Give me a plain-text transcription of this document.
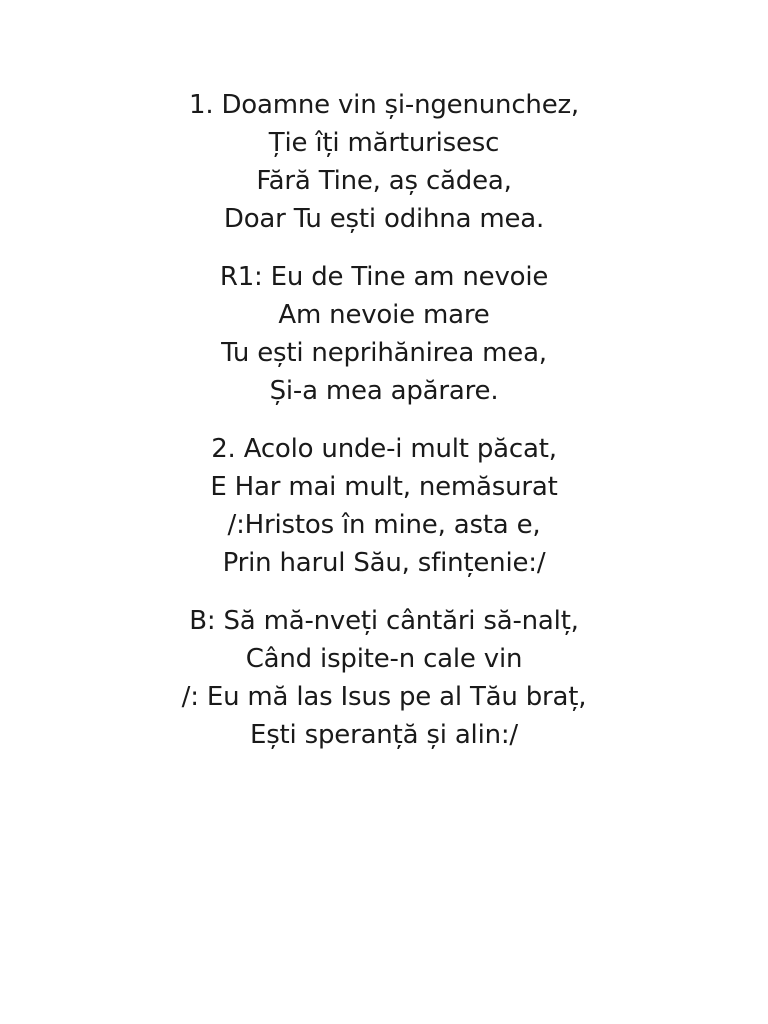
1. Doamne vin și-ngenunchez,
Ție îți mărturisesc
Fără Tine, aș cădea,
Doar Tu ești odihna mea.
R1: Eu de Tine am nevoie
Am nevoie mare
Tu ești neprihănirea mea,
Și-a mea apărare.
2. Acolo unde-i mult păcat,
E Har mai mult, nemăsurat
/:Hristos în mine, asta e,
Prin harul Său, sfințenie:/
B: Să mă-nveți cântări să-nalț,
Când ispite-n cale vin
/: Eu mă las Isus pe al Tău braț,
Ești speranță și alin:/
